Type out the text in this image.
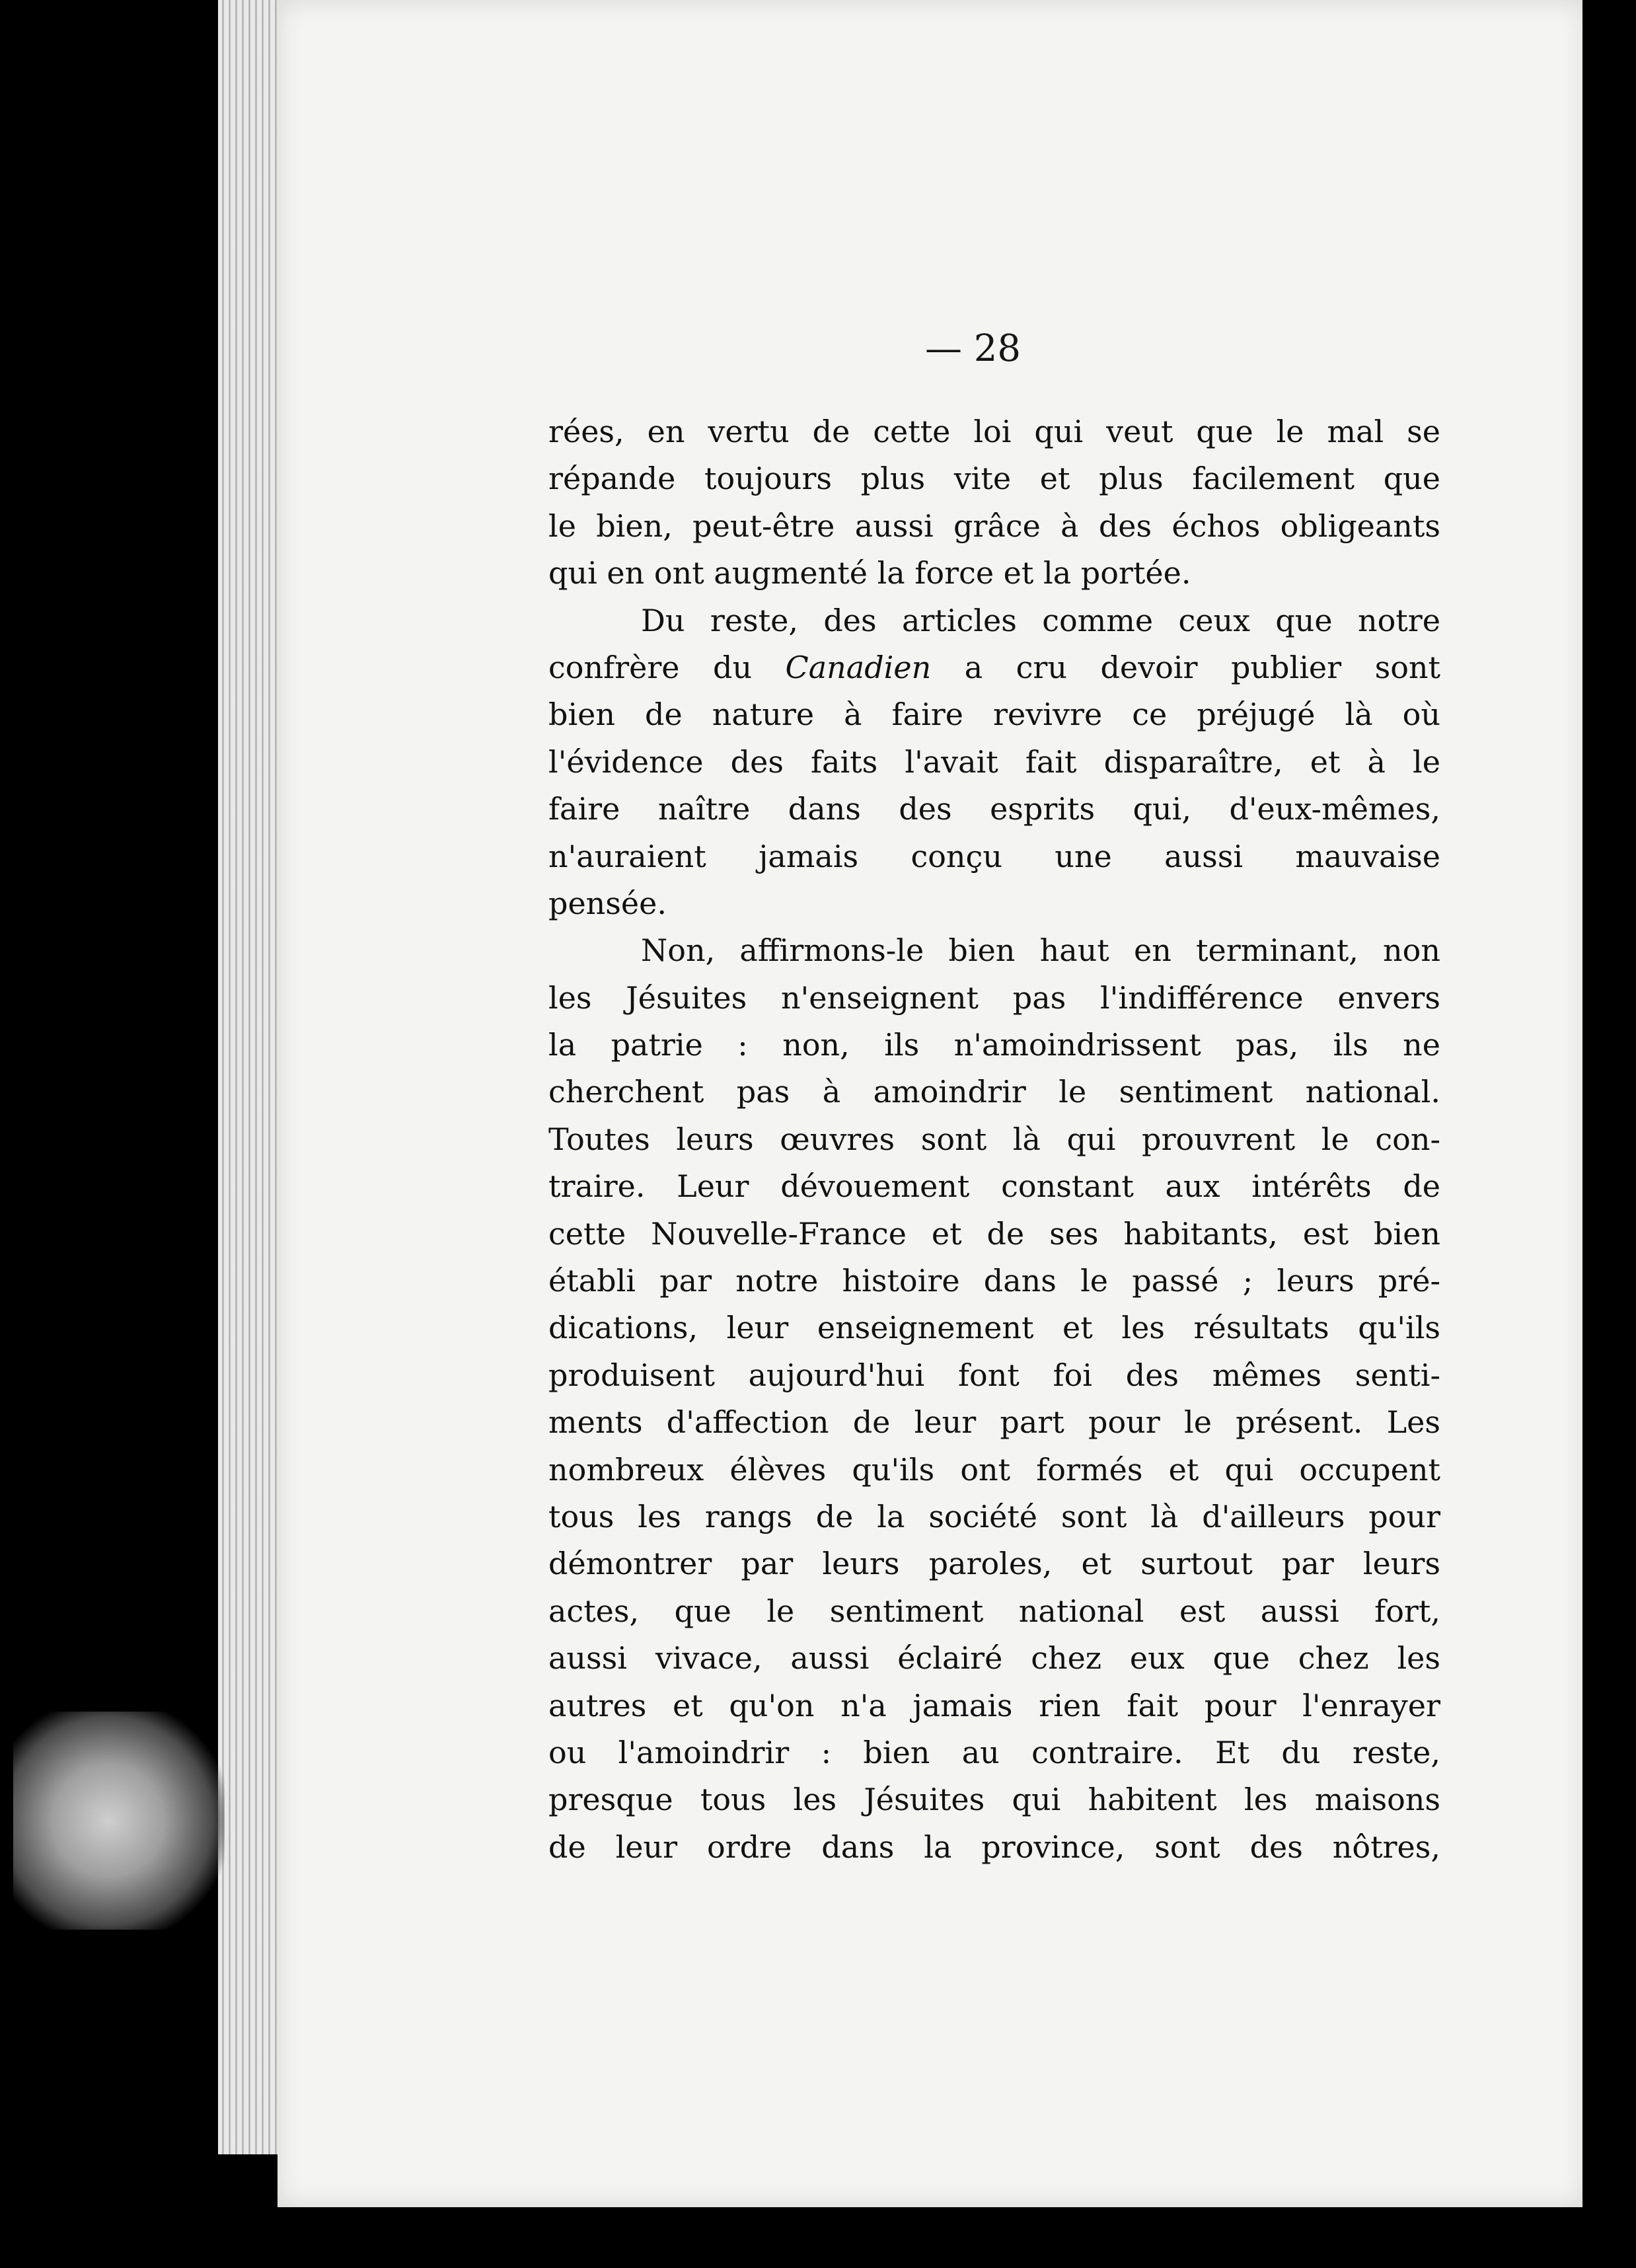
— 28
rées, en vertu de cette loi qui veut que le mal se
répande toujours plus vite et plus facilement que
le bien, peut-être aussi grâce à des échos obligeants
qui en ont augmenté la force et la portée.
Du reste, des articles comme ceux que notre
confrère du Canadien a cru devoir publier sont
bien de nature à faire revivre ce préjugé là où
l'évidence des faits l'avait fait disparaître, et à le
faire naître dans des esprits qui, d'eux-mêmes,
n'auraient jamais conçu une aussi mauvaise
pensée.
Non, affirmons-le bien haut en terminant, non
les Jésuites n'enseignent pas l'indifférence envers
la patrie : non, ils n'amoindrissent pas, ils ne
cherchent pas à amoindrir le sentiment national.
Toutes leurs œuvres sont là qui prouvrent le con-
traire. Leur dévouement constant aux intérêts de
cette Nouvelle-France et de ses habitants, est bien
établi par notre histoire dans le passé ; leurs pré-
dications, leur enseignement et les résultats qu'ils
produisent aujourd'hui font foi des mêmes senti-
ments d'affection de leur part pour le présent. Les
nombreux élèves qu'ils ont formés et qui occupent
tous les rangs de la société sont là d'ailleurs pour
démontrer par leurs paroles, et surtout par leurs
actes, que le sentiment national est aussi fort,
aussi vivace, aussi éclairé chez eux que chez les
autres et qu'on n'a jamais rien fait pour l'enrayer
ou l'amoindrir : bien au contraire. Et du reste,
presque tous les Jésuites qui habitent les maisons
de leur ordre dans la province, sont des nôtres,
